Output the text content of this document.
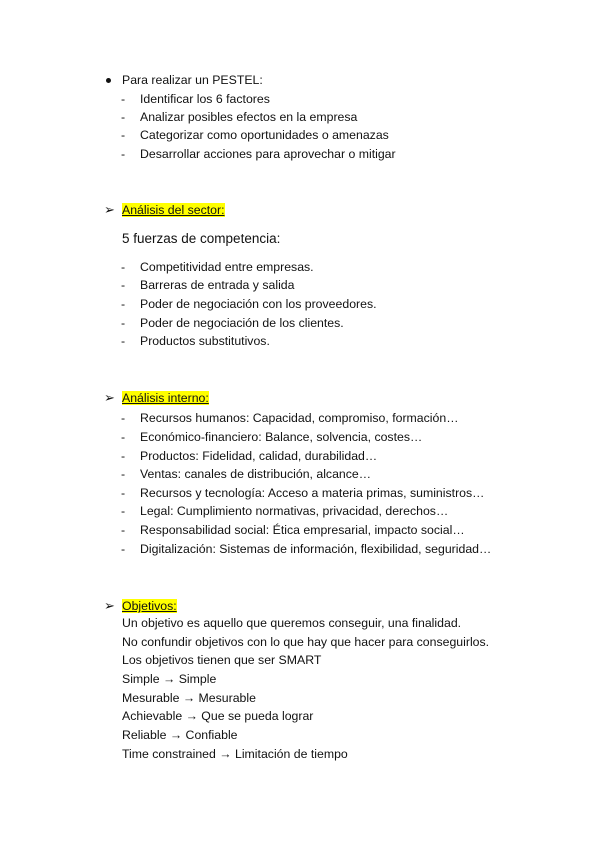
Para realizar un PESTEL:
- Identificar los 6 factores
- Analizar posibles efectos en la empresa
- Categorizar como oportunidades o amenazas
- Desarrollar acciones para aprovechar o mitigar
➢ Análisis del sector:
5 fuerzas de competencia:
- Competitividad entre empresas.
- Barreras de entrada y salida
- Poder de negociación con los proveedores.
- Poder de negociación de los clientes.
- Productos substitutivos.
➢ Análisis interno:
- Recursos humanos: Capacidad, compromiso, formación…
- Económico-financiero: Balance, solvencia, costes…
- Productos: Fidelidad, calidad, durabilidad…
- Ventas: canales de distribución, alcance…
- Recursos y tecnología: Acceso a materia primas, suministros…
- Legal: Cumplimiento normativas, privacidad, derechos…
- Responsabilidad social: Ética empresarial, impacto social…
- Digitalización: Sistemas de información, flexibilidad, seguridad…
➢ Objetivos:
Un objetivo es aquello que queremos conseguir, una finalidad.
No confundir objetivos con lo que hay que hacer para conseguirlos.
Los objetivos tienen que ser SMART
Simple → Simple
Mesurable → Mesurable
Achievable → Que se pueda lograr
Reliable → Confiable
Time constrained → Limitación de tiempo
